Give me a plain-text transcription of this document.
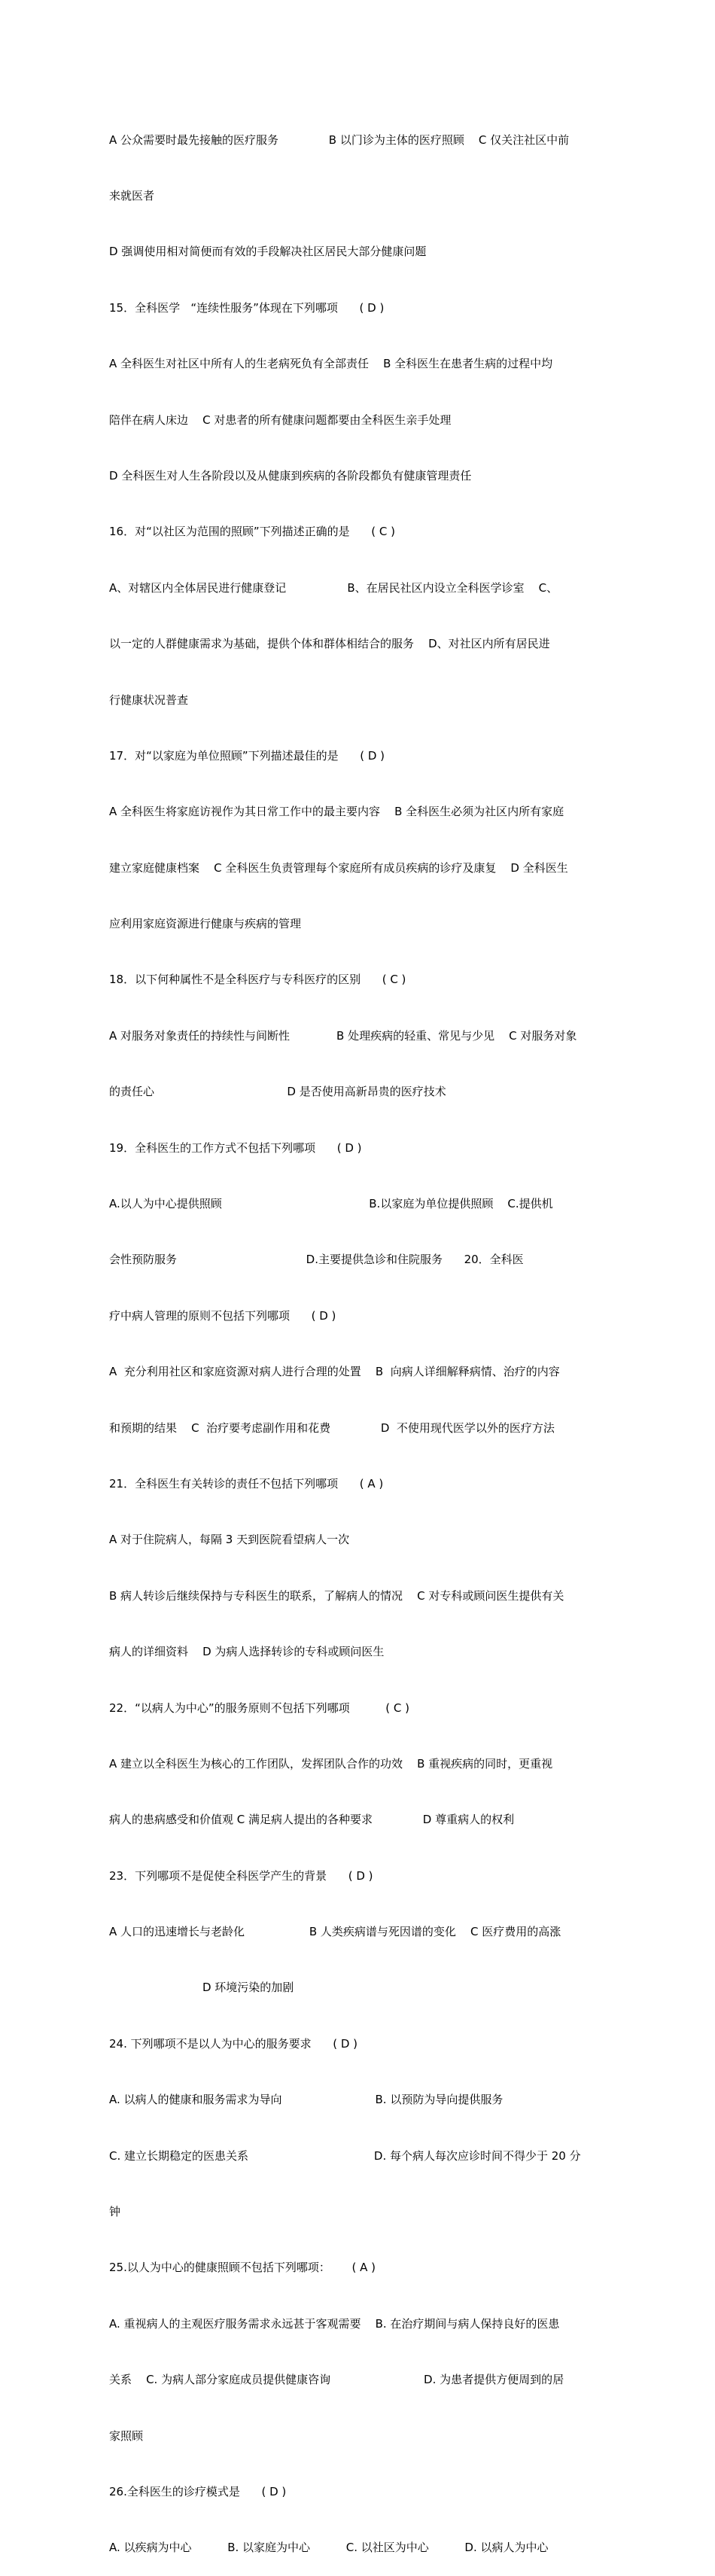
A 公众需要时最先接触的医疗服务              B 以门诊为主体的医疗照顾    C 仅关注社区中前

来就医者

D 强调使用相对简便而有效的手段解决社区居民大部分健康问题

15．全科医学   “连续性服务”体现在下列哪项      ( D )

A 全科医生对社区中所有人的生老病死负有全部责任    B 全科医生在患者生病的过程中均

陪伴在病人床边    C 对患者的所有健康问题都要由全科医生亲手处理

D 全科医生对人生各阶段以及从健康到疾病的各阶段都负有健康管理责任

16．对“以社区为范围的照顾”下列描述正确的是      ( C )

A、对辖区内全体居民进行健康登记                 B、在居民社区内设立全科医学诊室    C、

以一定的人群健康需求为基础，提供个体和群体相结合的服务    D、对社区内所有居民进

行健康状况普查

17．对“以家庭为单位照顾”下列描述最佳的是      ( D )

A 全科医生将家庭访视作为其日常工作中的最主要内容    B 全科医生必须为社区内所有家庭

建立家庭健康档案    C 全科医生负责管理每个家庭所有成员疾病的诊疗及康复    D 全科医生

应利用家庭资源进行健康与疾病的管理

18．以下何种属性不是全科医疗与专科医疗的区别      ( C )

A 对服务对象责任的持续性与间断性             B 处理疾病的轻重、常见与少见    C 对服务对象

的责任心                                     D 是否使用高新昂贵的医疗技术

19．全科医生的工作方式不包括下列哪项      ( D )

A.以人为中心提供照顾                                         B.以家庭为单位提供照顾    C.提供机

会性预防服务                                    D.主要提供急诊和住院服务      20．全科医

疗中病人管理的原则不包括下列哪项      ( D )

A  充分利用社区和家庭资源对病人进行合理的处置    B  向病人详细解释病情、治疗的内容

和预期的结果    C  治疗要考虑副作用和花费              D  不使用现代医学以外的医疗方法

21．全科医生有关转诊的责任不包括下列哪项      ( A )

A 对于住院病人，每隔 3 天到医院看望病人一次

B 病人转诊后继续保持与专科医生的联系，了解病人的情况    C 对专科或顾问医生提供有关

病人的详细资料    D 为病人选择转诊的专科或顾问医生

22．“以病人为中心”的服务原则不包括下列哪项          ( C )

A 建立以全科医生为核心的工作团队，发挥团队合作的功效    B 重视疾病的同时，更重视

病人的患病感受和价值观 C 满足病人提出的各种要求              D 尊重病人的权利

23．下列哪项不是促使全科医学产生的背景      ( D )

A 人口的迅速增长与老龄化                  B 人类疾病谱与死因谱的变化    C 医疗费用的高涨

D 环境污染的加剧

24. 下列哪项不是以人为中心的服务要求      ( D )

A. 以病人的健康和服务需求为导向                          B. 以预防为导向提供服务

C. 建立长期稳定的医患关系                                   D. 每个病人每次应诊时间不得少于 20 分

钟

25.以人为中心的健康照顾不包括下列哪项：      ( A )

A. 重视病人的主观医疗服务需求永远甚于客观需要    B. 在治疗期间与病人保持良好的医患

关系    C. 为病人部分家庭成员提供健康咨询                          D. 为患者提供方便周到的居

家照顾

26.全科医生的诊疗模式是      ( D )

A. 以疾病为中心          B. 以家庭为中心          C. 以社区为中心          D. 以病人为中心
